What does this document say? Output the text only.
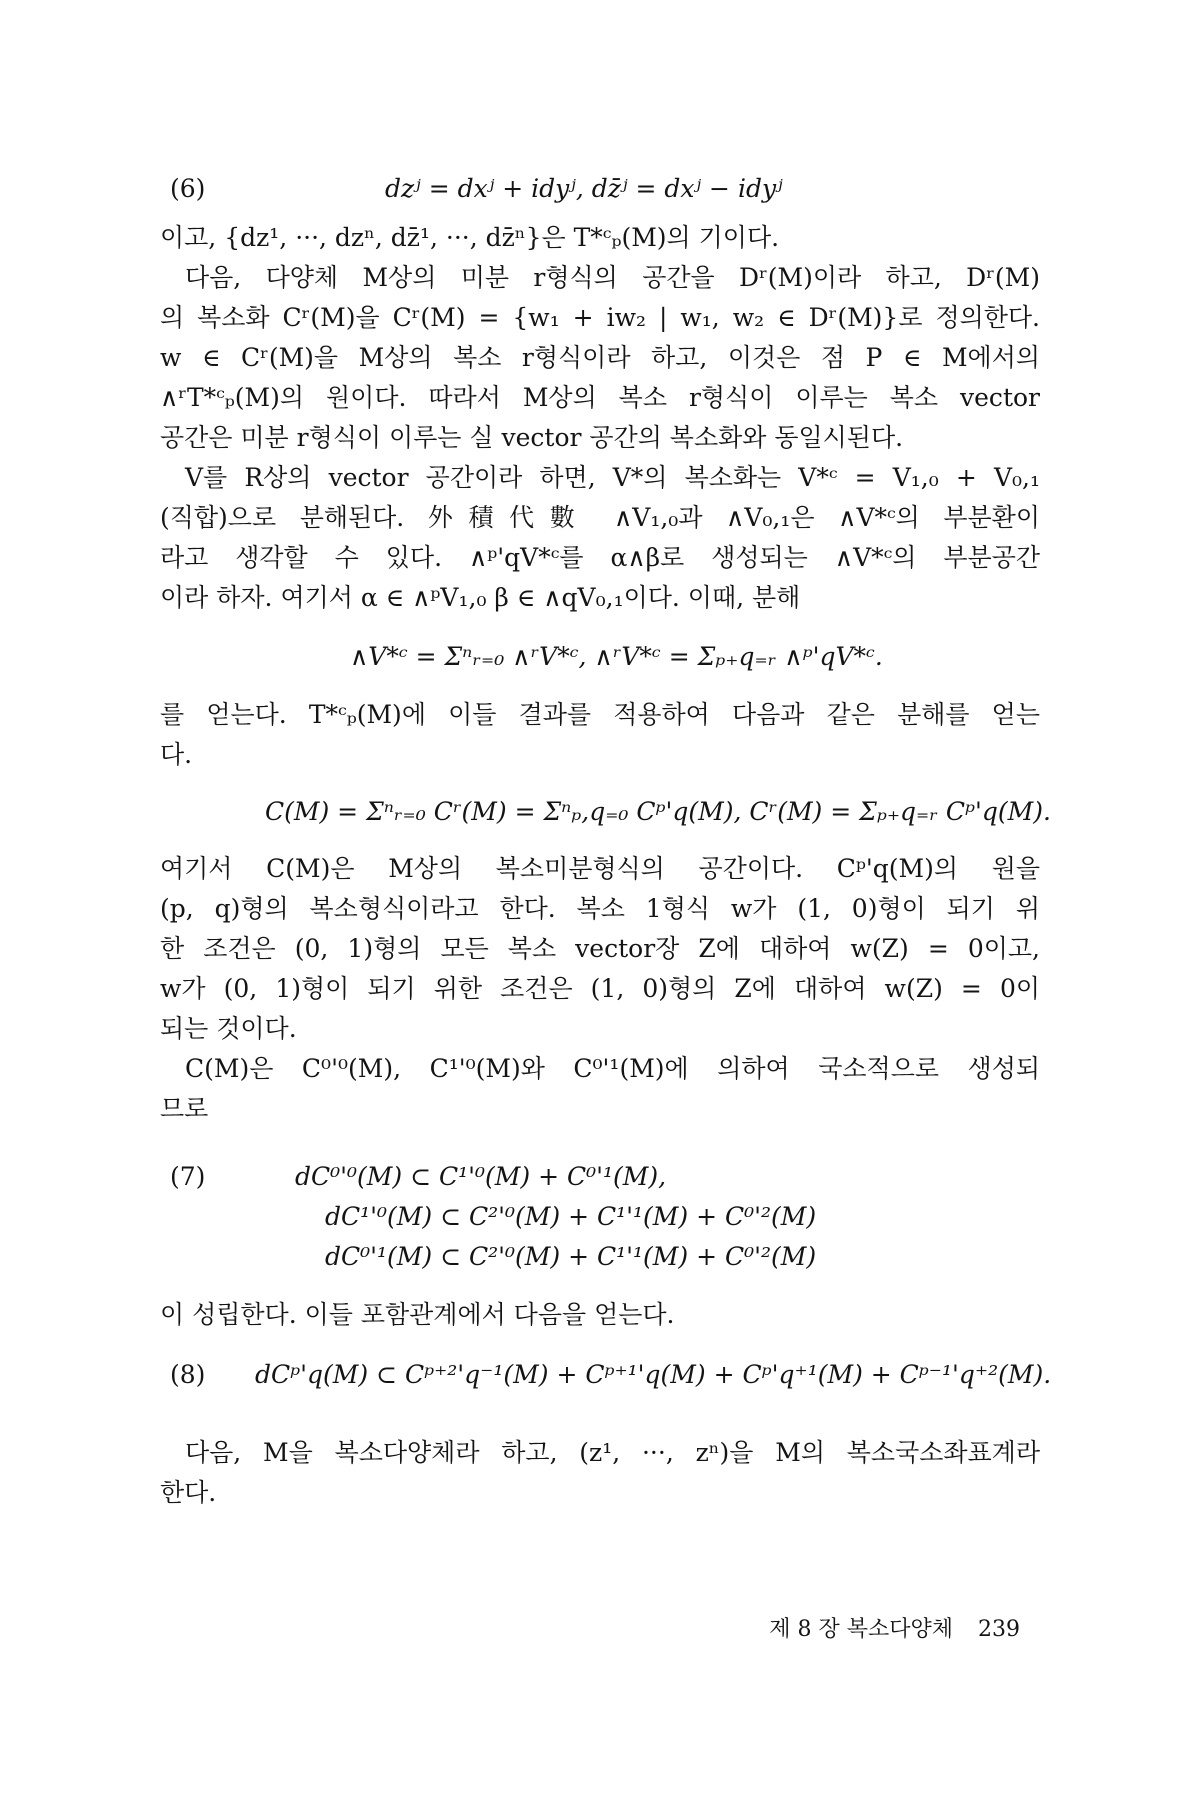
(6)	dzʲ = dxʲ + idyʲ, dz̄ʲ = dxʲ − idyʲ
이고, {dz¹, ···, dzⁿ, dz̄¹, ···, dz̄ⁿ}은 T*ᶜₚ(M)의 기이다.
다음, 다양체 M상의 미분 r형식의 공간을 Dʳ(M)이라 하고, Dʳ(M)
의 복소화 Cʳ(M)을 Cʳ(M) = {w₁ + iw₂ | w₁, w₂ ∈ Dʳ(M)}로 정의한다.
w ∈ Cʳ(M)을 M상의 복소 r형식이라 하고, 이것은 점 P ∈ M에서의
∧ʳT*ᶜₚ(M)의 원이다. 따라서 M상의 복소 r형식이 이루는 복소 vector
공간은 미분 r형식이 이루는 실 vector 공간의 복소화와 동일시된다.
V를 R상의 vector 공간이라 하면, V*의 복소화는 V*ᶜ = V₁,₀ + V₀,₁
(직합)으로 분해된다. 外積代數 ∧V₁,₀과 ∧V₀,₁은 ∧V*ᶜ의 부분환이
라고 생각할 수 있다. ∧ᵖ'qV*ᶜ를 α∧β로 생성되는 ∧V*ᶜ의 부분공간
이라 하자. 여기서 α ∈ ∧ᵖV₁,₀ β ∈ ∧qV₀,₁이다. 이때, 분해
∧V*ᶜ = Σⁿᵣ₌₀ ∧ʳV*ᶜ, ∧ʳV*ᶜ = Σₚ₊q₌ᵣ ∧ᵖ'qV*ᶜ.
를 얻는다. T*ᶜₚ(M)에 이들 결과를 적용하여 다음과 같은 분해를 얻는
다.
C(M) = Σⁿᵣ₌₀ Cʳ(M) = Σⁿₚ,q₌₀ Cᵖ'q(M), Cʳ(M) = Σₚ₊q₌ᵣ Cᵖ'q(M).
여기서 C(M)은 M상의 복소미분형식의 공간이다. Cᵖ'q(M)의 원을
(p, q)형의 복소형식이라고 한다. 복소 1형식 w가 (1, 0)형이 되기 위
한 조건은 (0, 1)형의 모든 복소 vector장 Z에 대하여 w(Z) = 0이고,
w가 (0, 1)형이 되기 위한 조건은 (1, 0)형의 Z에 대하여 w(Z) = 0이
되는 것이다.
C(M)은 C⁰'⁰(M), C¹'⁰(M)와 C⁰'¹(M)에 의하여 국소적으로 생성되
므로
(7)	dC⁰'⁰(M) ⊂ C¹'⁰(M) + C⁰'¹(M),
dC¹'⁰(M) ⊂ C²'⁰(M) + C¹'¹(M) + C⁰'²(M)
dC⁰'¹(M) ⊂ C²'⁰(M) + C¹'¹(M) + C⁰'²(M)
이 성립한다. 이들 포함관계에서 다음을 얻는다.
(8) dCᵖ'q(M) ⊂ Cᵖ⁺²'q⁻¹(M) + Cᵖ⁺¹'q(M) + Cᵖ'q⁺¹(M) + Cᵖ⁻¹'q⁺²(M).
다음, M을 복소다양체라 하고, (z¹, ···, zⁿ)을 M의 복소국소좌표계라
한다.
제 8 장 복소다양체 239
